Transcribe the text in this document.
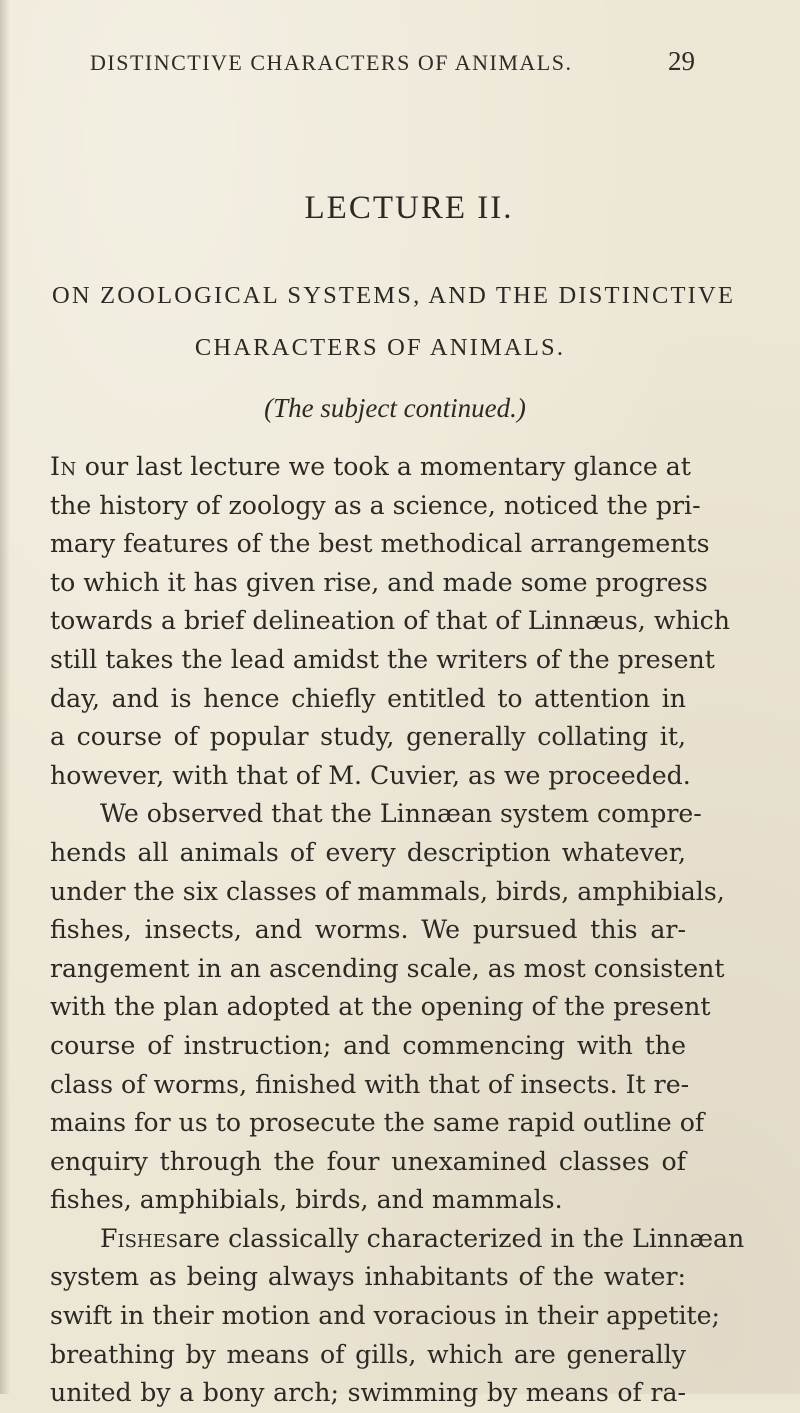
DISTINCTIVE CHARACTERS OF ANIMALS.	29
LECTURE II.
ON ZOOLOGICAL SYSTEMS, AND THE DISTINCTIVE
CHARACTERS OF ANIMALS.
(The subject continued.)
In our last lecture we took a momentary glance at
the history of zoology as a science, noticed the pri-
mary features of the best methodical arrangements
to which it has given rise, and made some progress
towards a brief delineation of that of Linnæus, which
still takes the lead amidst the writers of the present
day, and is hence chiefly entitled to attention in
a course of popular study, generally collating it,
however, with that of M. Cuvier, as we proceeded.
We observed that the Linnæan system compre-
hends all animals of every description whatever,
under the six classes of mammals, birds, amphibials,
fishes, insects, and worms. We pursued this ar-
rangement in an ascending scale, as most consistent
with the plan adopted at the opening of the present
course of instruction; and commencing with the
class of worms, finished with that of insects. It re-
mains for us to prosecute the same rapid outline of
enquiry through the four unexamined classes of
fishes, amphibials, birds, and mammals.
Fishesare classically characterized in the Linnæan
system as being always inhabitants of the water:
swift in their motion and voracious in their appetite;
breathing by means of gills, which are generally
united by a bony arch; swimming by means of ra-
